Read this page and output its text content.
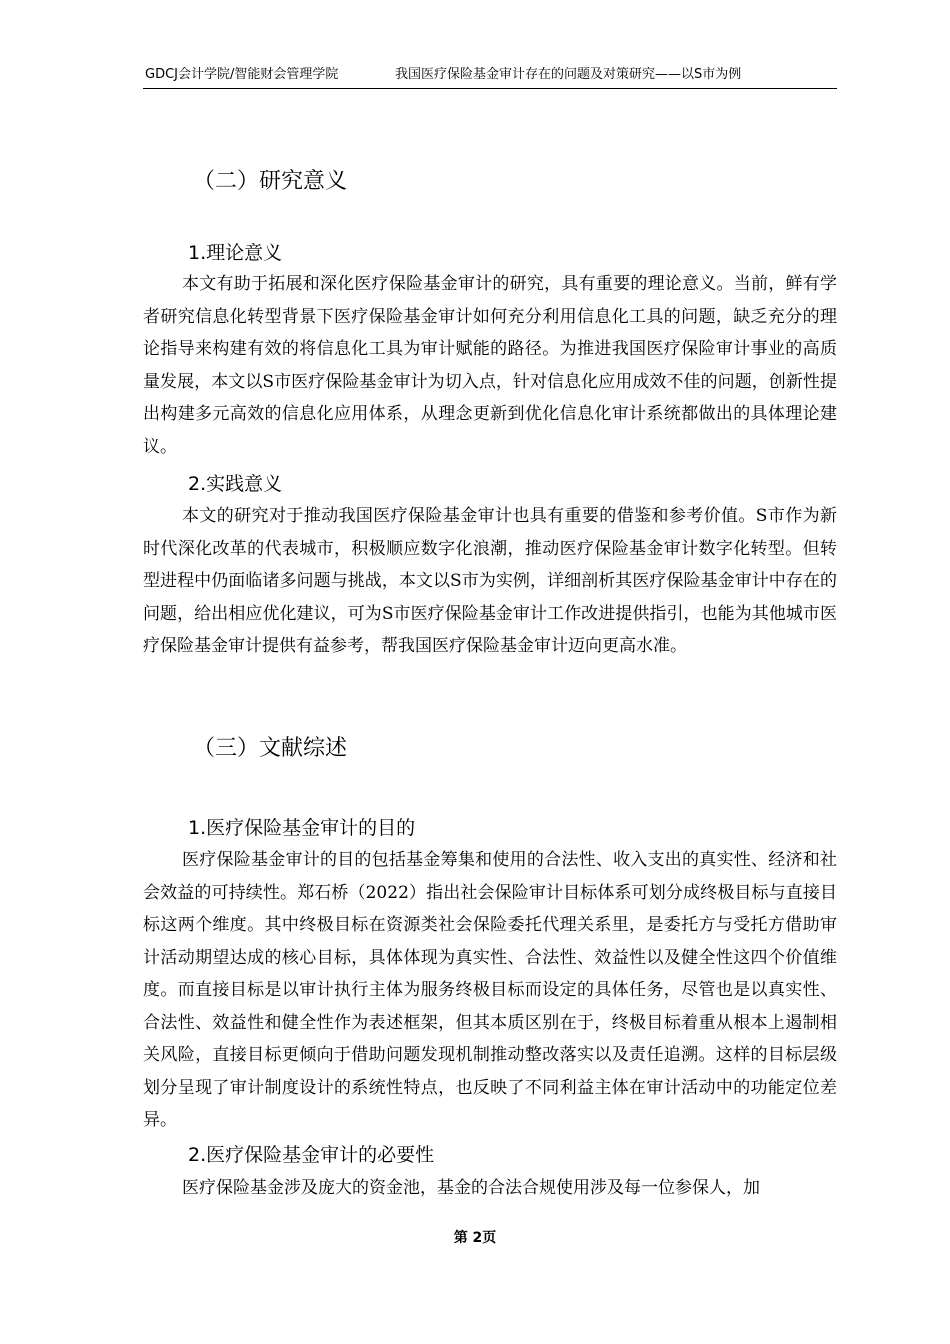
GDCJ会计学院/智能财会管理学院	我国医疗保险基金审计存在的问题及对策研究——以S市为例
（二）研究意义
1.理论意义

本文有助于拓展和深化医疗保险基金审计的研究，具有重要的理论意义。当前，鲜有学者研究信息化转型背景下医疗保险基金审计如何充分利用信息化工具的问题，缺乏充分的理论指导来构建有效的将信息化工具为审计赋能的路径。为推进我国医疗保险审计事业的高质量发展，本文以S市医疗保险基金审计为切入点，针对信息化应用成效不佳的问题，创新性提出构建多元高效的信息化应用体系，从理念更新到优化信息化审计系统都做出的具体理论建议。

2.实践意义

本文的研究对于推动我国医疗保险基金审计也具有重要的借鉴和参考价值。S市作为新时代深化改革的代表城市，积极顺应数字化浪潮，推动医疗保险基金审计数字化转型。但转型进程中仍面临诸多问题与挑战，本文以S市为实例，详细剖析其医疗保险基金审计中存在的问题，给出相应优化建议，可为S市医疗保险基金审计工作改进提供指引，也能为其他城市医疗保险基金审计提供有益参考，帮我国医疗保险基金审计迈向更高水准。

（三）文献综述
1.医疗保险基金审计的目的

医疗保险基金审计的目的包括基金筹集和使用的合法性、收入支出的真实性、经济和社会效益的可持续性。郑石桥（2022）指出社会保险审计目标体系可划分成终极目标与直接目标这两个维度。其中终极目标在资源类社会保险委托代理关系里，是委托方与受托方借助审计活动期望达成的核心目标，具体体现为真实性、合法性、效益性以及健全性这四个价值维度。而直接目标是以审计执行主体为服务终极目标而设定的具体任务，尽管也是以真实性、合法性、效益性和健全性作为表述框架，但其本质区别在于，终极目标着重从根本上遏制相关风险，直接目标更倾向于借助问题发现机制推动整改落实以及责任追溯。这样的目标层级划分呈现了审计制度设计的系统性特点，也反映了不同利益主体在审计活动中的功能定位差异。

2.医疗保险基金审计的必要性

医疗保险基金涉及庞大的资金池，基金的合法合规使用涉及每一位参保人，加

第 2页
